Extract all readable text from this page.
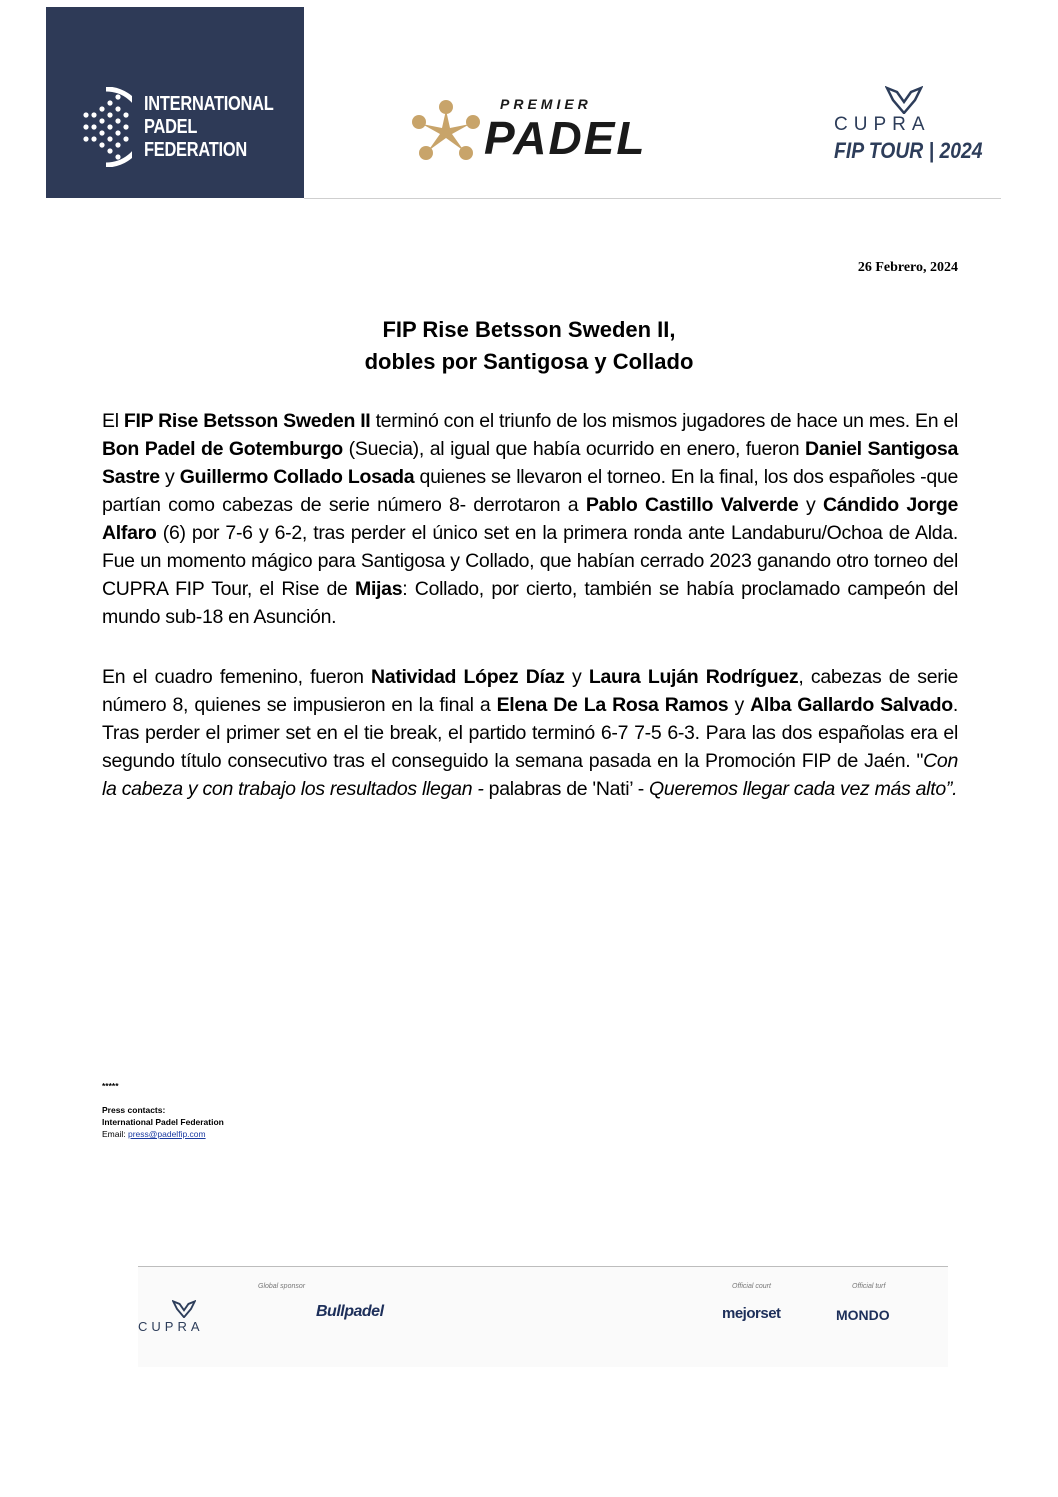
INTERNATIONAL
PADEL
FEDERATION
PREMIER
PADEL	CUPRA
FIP TOUR | 2024
26 Febrero, 2024
FIP Rise Betsson Sweden II,
dobles por Santigosa y Collado
El FIP Rise Betsson Sweden II terminó con el triunfo de los mismos jugadores de hace un mes. En el Bon Padel de Gotemburgo (Suecia), al igual que había ocurrido en enero, fueron Daniel Santigosa Sastre y Guillermo Collado Losada quienes se llevaron el torneo. En la final, los dos españoles -que partían como cabezas de serie número 8- derrotaron a Pablo Castillo Valverde y Cándido Jorge Alfaro (6) por 7-6 y 6-2, tras perder el único set en la primera ronda ante Landaburu/Ochoa de Alda. Fue un momento mágico para Santigosa y Collado, que habían cerrado 2023 ganando otro torneo del CUPRA FIP Tour, el Rise de Mijas: Collado, por cierto, también se había proclamado campeón del mundo sub-18 en Asunción.
En el cuadro femenino, fueron Natividad López Díaz y Laura Luján Rodríguez, cabezas de serie número 8, quienes se impusieron en la final a Elena De La Rosa Ramos y Alba Gallardo Salvado. Tras perder el primer set en el tie break, el partido terminó 6-7 7-5 6-3. Para las dos españolas era el segundo título consecutivo tras el conseguido la semana pasada en la Promoción FIP de Jaén. "Con la cabeza y con trabajo los resultados llegan - palabras de 'Nati’ - Queremos llegar cada vez más alto”.
*****
Press contacts:
International Padel Federation
Email: press@padelfip.com
Global sponsor	Official court	Official turf
CUPRA
Bullpadel	mejorset	MONDO
